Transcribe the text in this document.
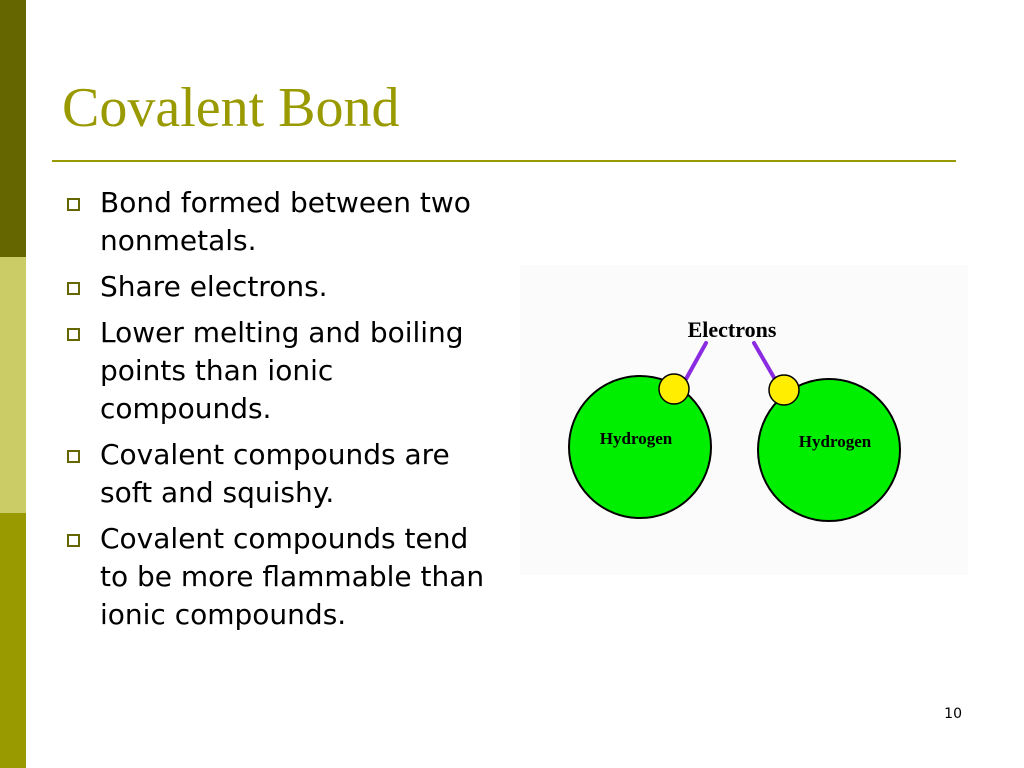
Covalent Bond
Bond formed between two nonmetals.
Share electrons.
Lower melting and boiling points than ionic compounds.
Covalent compounds are soft and squishy.
Covalent compounds tend to be more flammable than ionic compounds.
Electrons
Hydrogen	Hydrogen
10
